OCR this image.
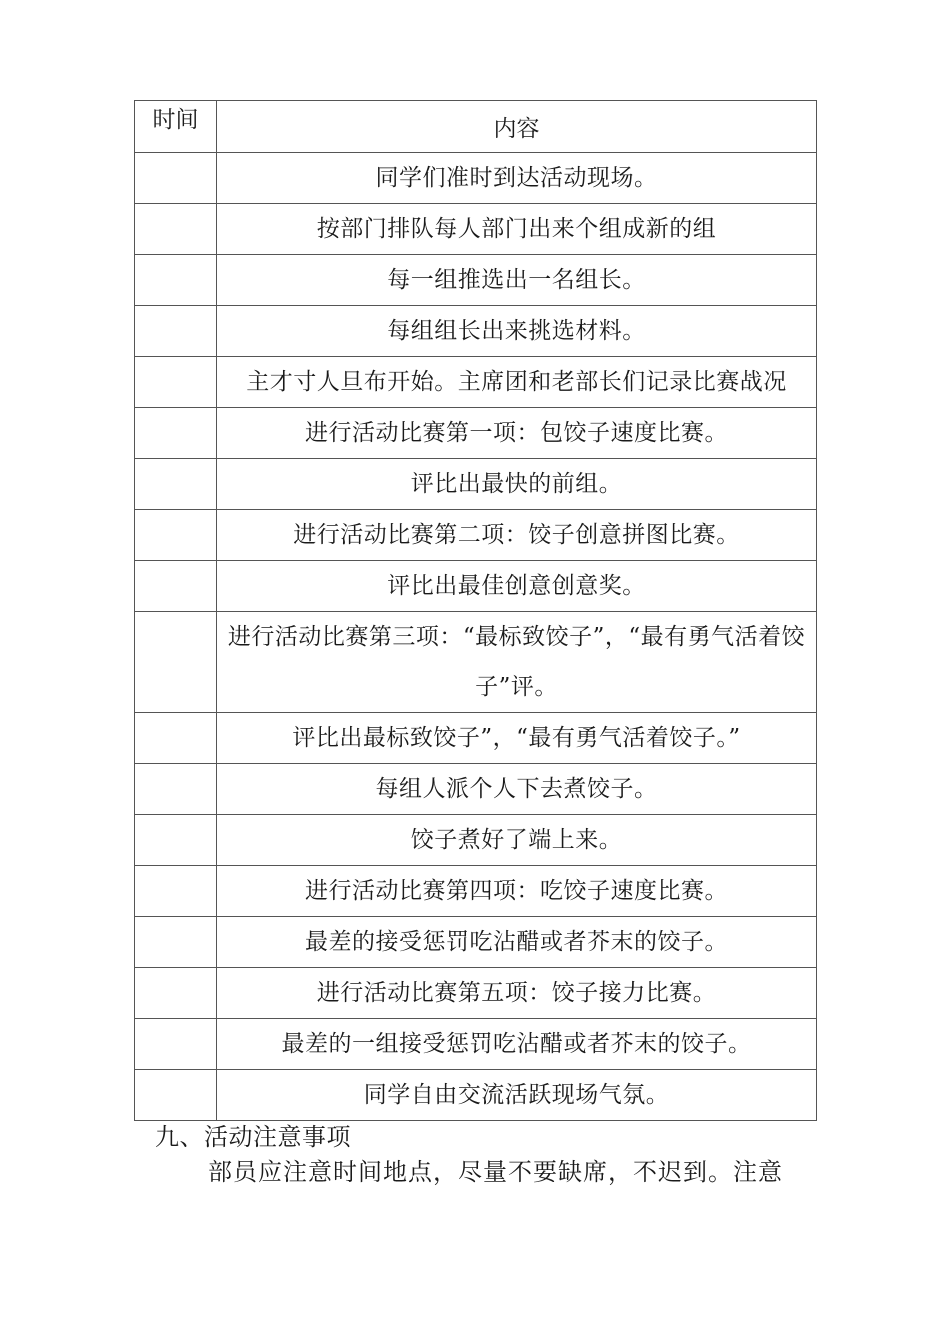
时间	内容
	同学们准时到达活动现场。
	按部门排队每人部门出来个组成新的组
	每一组推选出一名组长。
	每组组长出来挑选材料。
	主才寸人旦布开始。主席团和老部长们记录比赛战况
	进行活动比赛第一项：包饺子速度比赛。
	评比出最快的前组。
	进行活动比赛第二项：饺子创意拼图比赛。
	评比出最佳创意创意奖。
	进行活动比赛第三项：“最标致饺子”，“最有勇气活着饺子”评。
	评比出最标致饺子”，“最有勇气活着饺子。”
	每组人派个人下去煮饺子。
	饺子煮好了端上来。
	进行活动比赛第四项：吃饺子速度比赛。
	最差的接受惩罚吃沾醋或者芥末的饺子。
	进行活动比赛第五项：饺子接力比赛。
	最差的一组接受惩罚吃沾醋或者芥末的饺子。
	同学自由交流活跃现场气氛。
九、活动注意事项
部员应注意时间地点，尽量不要缺席，不迟到。注意
